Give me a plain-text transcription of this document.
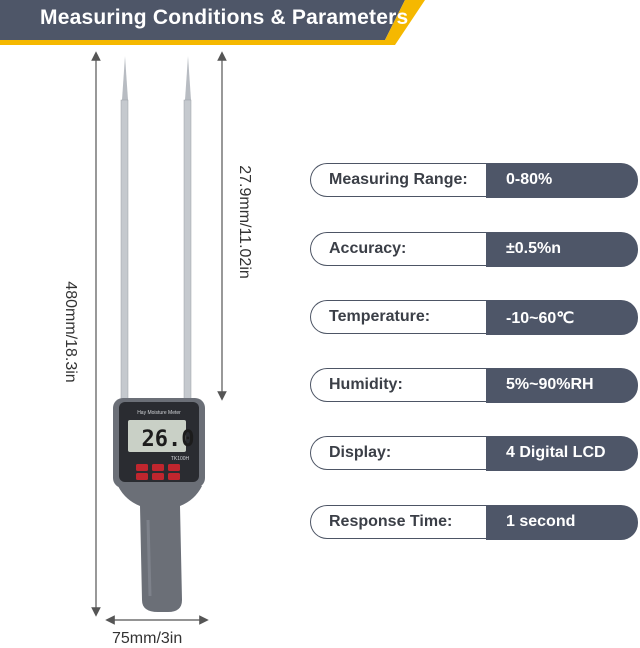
Measuring Conditions & Parameters
Hay Moisture Meter
26.0
TK100H
480mm/18.3in
27.9mm/11.02in
75mm/3in
Measuring Range: 0-80%
Accuracy:	±0.5%n
Temperature:	-10~60℃
Humidity:	5%~90%RH
Display:	4 Digital LCD
Response Time:	1 second
